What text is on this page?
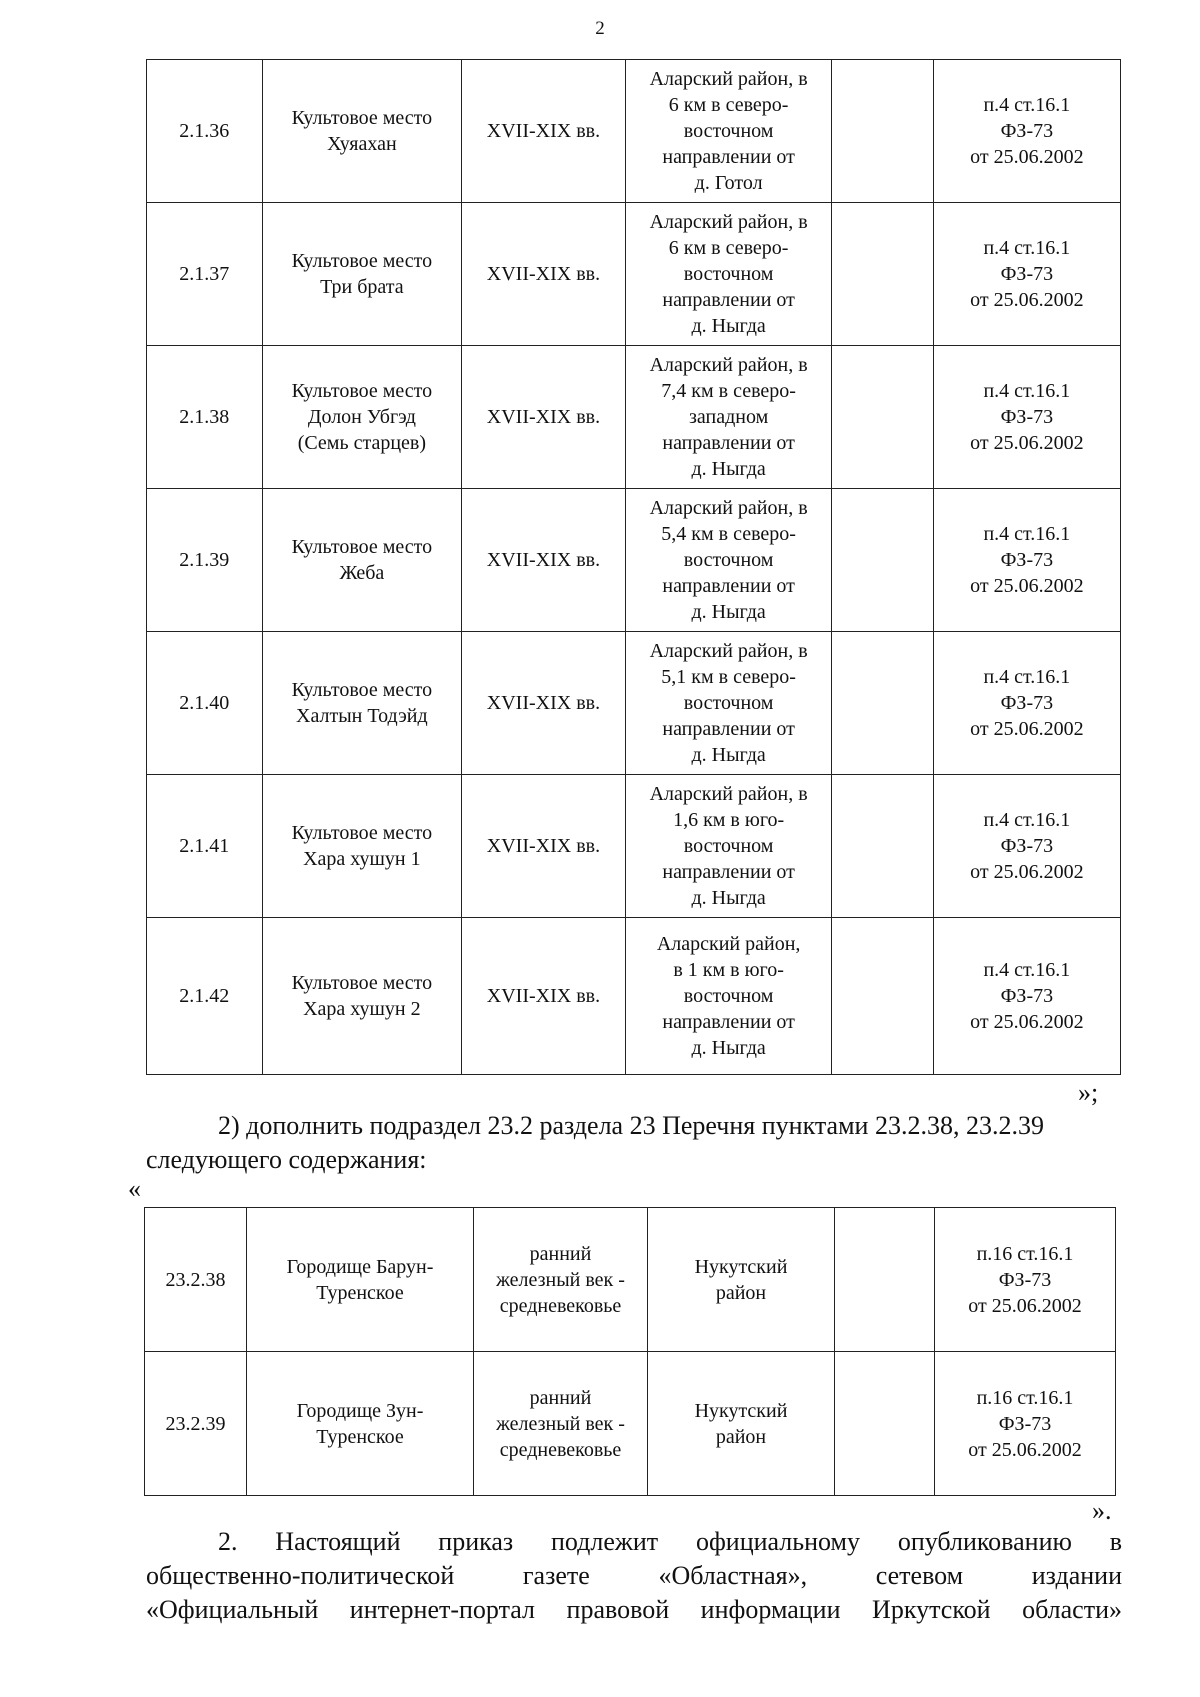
2
2.1.36	Культовое место
Хуяахан	XVII-XIX вв.	Аларский район, в
6 км в северо-
восточном
направлении от
д. Готол		п.4 ст.16.1
ФЗ-73
от 25.06.2002
2.1.37	Культовое место
Три брата	XVII-XIX вв.	Аларский район, в
6 км в северо-
восточном
направлении от
д. Ныгда		п.4 ст.16.1
ФЗ-73
от 25.06.2002
2.1.38	Культовое место
Долон Убгэд
(Семь старцев)	XVII-XIX вв.	Аларский район, в
7,4 км в северо-
западном
направлении от
д. Ныгда		п.4 ст.16.1
ФЗ-73
от 25.06.2002
2.1.39	Культовое место
Жеба	XVII-XIX вв.	Аларский район, в
5,4 км в северо-
восточном
направлении от
д. Ныгда		п.4 ст.16.1
ФЗ-73
от 25.06.2002
2.1.40	Культовое место
Халтын Тодэйд	XVII-XIX вв.	Аларский район, в
5,1 км в северо-
восточном
направлении от
д. Ныгда		п.4 ст.16.1
ФЗ-73
от 25.06.2002
2.1.41	Культовое место
Хара хушун 1	XVII-XIX вв.	Аларский район, в
1,6 км в юго-
восточном
направлении от
д. Ныгда		п.4 ст.16.1
ФЗ-73
от 25.06.2002
2.1.42	Культовое место
Хара хушун 2	XVII-XIX вв.	Аларский район,
в 1 км в юго-
восточном
направлении от
д. Ныгда		п.4 ст.16.1
ФЗ-73
от 25.06.2002
»;
2) дополнить подраздел 23.2 раздела 23 Перечня пунктами 23.2.38, 23.2.39
следующего содержания:
«
23.2.38	Городище Барун-
Туренское	ранний
железный век -
средневековье	Нукутский
район		п.16 ст.16.1
ФЗ-73
от 25.06.2002
23.2.39	Городище Зун-
Туренское	ранний
железный век -
средневековье	Нукутский
район		п.16 ст.16.1
ФЗ-73
от 25.06.2002
».
2. Настоящий приказ подлежит официальному опубликованию в
общественно-политической газете «Областная», сетевом издании
«Официальный интернет-портал правовой информации Иркутской области»
